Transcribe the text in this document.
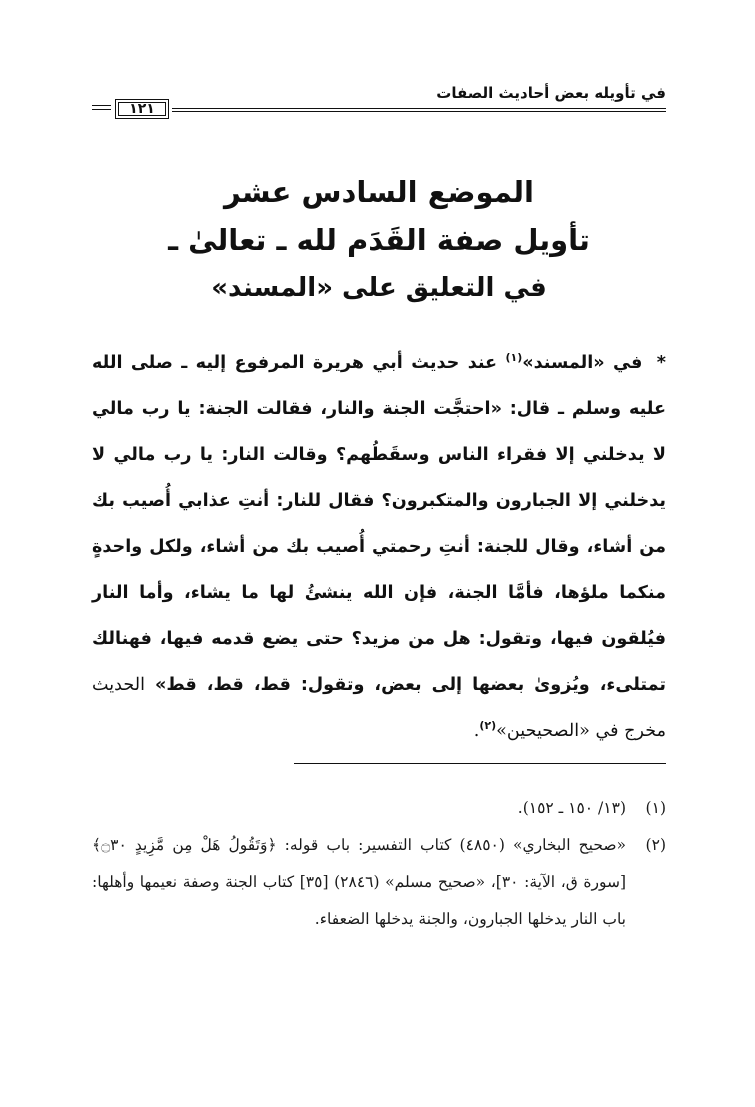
في تأويله بعض أحاديث الصفات
١٢١
الموضع السادس عشر
تأويل صفة القَدَم لله ـ تعالىٰ ـ
في التعليق على «المسند»
* في «المسند»$^{(١)}$ عند حديث أبي هريرة المرفوع إليه ـ صلى الله عليه وسلم ـ قال: «احتجَّت الجنة والنار، فقالت الجنة: يا رب مالي لا يدخلني إلا فقراء الناس وسقَطُهم؟ وقالت النار: يا رب مالي لا يدخلني إلا الجبارون والمتكبرون؟ فقال للنار: أنتِ عذابي أُصيب بك من أشاء، وقال للجنة: أنتِ رحمتي أُصيب بك من أشاء، ولكل واحدةٍ منكما ملؤها، فأمَّا الجنة، فإن الله ينشئُ لها ما يشاء، وأما النار فيُلقون فيها، وتقول: هل من مزيد؟ حتى يضع قدمه فيها، فهنالك تمتلىء، ويُزوىٰ بعضها إلى بعض، وتقول: قط، قط، قط» الحديث مخرج في «الصحيحين»$^{(٢)}$.
(١)
(١٣/ ١٥٠ ـ ١٥٢).
(٢)
«صحيح البخاري» (٤٨٥٠) كتاب التفسير: باب قوله: ﴿وَتَقُولُ هَلْ مِن مَّزِيدٍ ۝٣٠﴾ [سورة ق، الآية: ٣٠]، «صحيح مسلم» (٢٨٤٦) [٣٥] كتاب الجنة وصفة نعيمها وأهلها: باب النار يدخلها الجبارون، والجنة يدخلها الضعفاء.
